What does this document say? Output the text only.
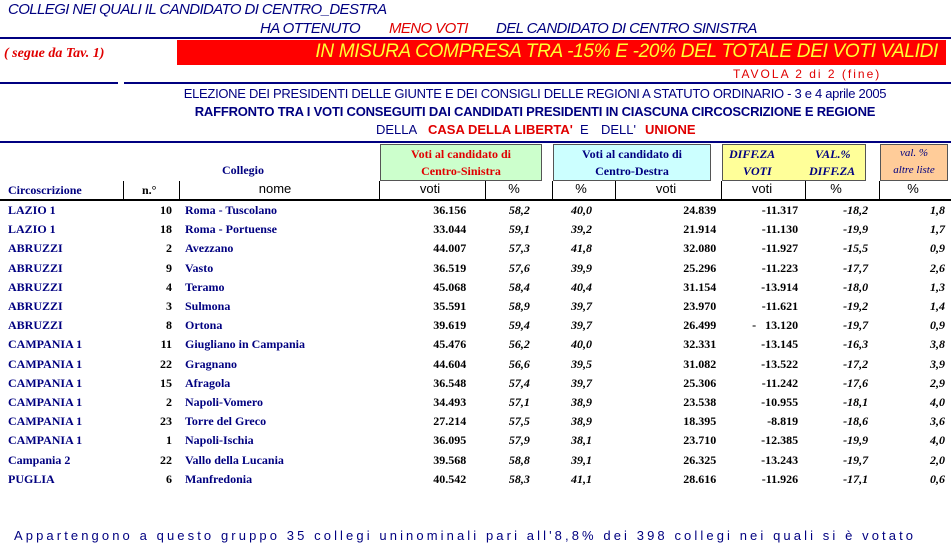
COLLEGI NEI QUALI IL CANDIDATO DI CENTRO_DESTRA
HA OTTENUTO MENO VOTI DEL CANDIDATO DI CENTRO SINISTRA
( segue da Tav. 1)	IN MISURA COMPRESA TRA -15% E -20% DEL TOTALE DEI VOTI VALIDI
TAVOLA 2 di 2 (fine)
ELEZIONE DEI PRESIDENTI DELLE GIUNTE E DEI CONSIGLI DELLE REGIONI A STATUTO ORDINARIO - 3 e 4 aprile 2005
RAFFRONTO TRA I VOTI CONSEGUITI DAI CANDIDATI PRESIDENTI IN CIASCUNA CIRCOSCRIZIONE E REGIONE
DELLA CASA DELLA LIBERTA' E DELL' UNIONE
Voti al candidato di
Centro-Sinistra
Voti al candidato di
Centro-Destra
DIFF.ZA	VAL.%
VOTI	DIFF.ZA
val. %
altre liste
Collegio
Circoscrizione	n.°	nome	voti	%	%	voti	voti	%	%
LAZIO 1	10	Roma - Tuscolano	36.156	58,2	40,0	24.839	-11.317	-18,2	1,8
LAZIO 1	18	Roma - Portuense	33.044	59,1	39,2	21.914	-11.130	-19,9	1,7
ABRUZZI	2	Avezzano	44.007	57,3	41,8	32.080	-11.927	-15,5	0,9
ABRUZZI	9	Vasto	36.519	57,6	39,9	25.296	-11.223	-17,7	2,6
ABRUZZI	4	Teramo	45.068	58,4	40,4	31.154	-13.914	-18,0	1,3
ABRUZZI	3	Sulmona	35.591	58,9	39,7	23.970	-11.621	-19,2	1,4
ABRUZZI	8	Ortona	39.619	59,4	39,7	26.499	-   13.120	-19,7	0,9
CAMPANIA 1	11	Giugliano in Campania	45.476	56,2	40,0	32.331	-13.145	-16,3	3,8
CAMPANIA 1	22	Gragnano	44.604	56,6	39,5	31.082	-13.522	-17,2	3,9
CAMPANIA 1	15	Afragola	36.548	57,4	39,7	25.306	-11.242	-17,6	2,9
CAMPANIA 1	2	Napoli-Vomero	34.493	57,1	38,9	23.538	-10.955	-18,1	4,0
CAMPANIA 1	23	Torre del Greco	27.214	57,5	38,9	18.395	-8.819	-18,6	3,6
CAMPANIA 1	1	Napoli-Ischia	36.095	57,9	38,1	23.710	-12.385	-19,9	4,0
Campania 2	22	Vallo della Lucania	39.568	58,8	39,1	26.325	-13.243	-19,7	2,0
PUGLIA	6	Manfredonia	40.542	58,3	41,1	28.616	-11.926	-17,1	0,6
Appartengono a questo gruppo 35 collegi uninominali pari all'8,8% dei 398 collegi nei quali si è votato
